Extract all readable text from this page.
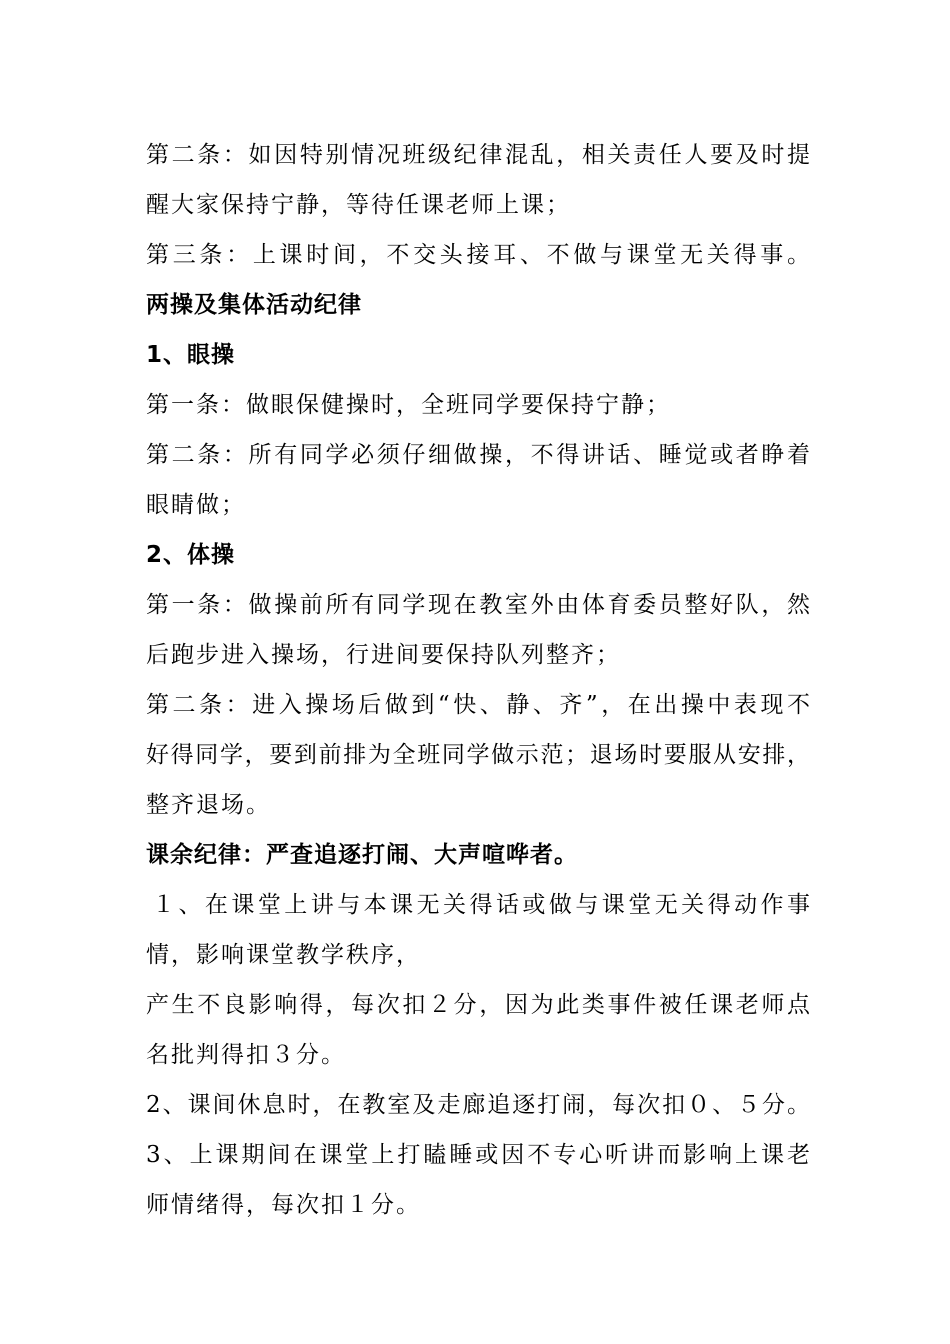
第二条：如因特别情况班级纪律混乱，相关责任人要及时提
醒大家保持宁静，等待任课老师上课；
第三条：上课时间，不交头接耳、不做与课堂无关得事。
两操及集体活动纪律
1、眼操
第一条：做眼保健操时，全班同学要保持宁静；
第二条：所有同学必须仔细做操，不得讲话、睡觉或者睁着
眼睛做；
2、体操
第一条：做操前所有同学现在教室外由体育委员整好队，然
后跑步进入操场，行进间要保持队列整齐；
第二条：进入操场后做到“快、静、齐”，在出操中表现不
好得同学，要到前排为全班同学做示范；退场时要服从安排，
整齐退场。
课余纪律：严查追逐打闹、大声喧哗者。
１、在课堂上讲与本课无关得话或做与课堂无关得动作事
情，影响课堂教学秩序，
产生不良影响得，每次扣２分，因为此类事件被任课老师点
名批判得扣３分。
2、课间休息时，在教室及走廊追逐打闹，每次扣０、５分。
3、上课期间在课堂上打瞌睡或因不专心听讲而影响上课老
师情绪得，每次扣１分。
